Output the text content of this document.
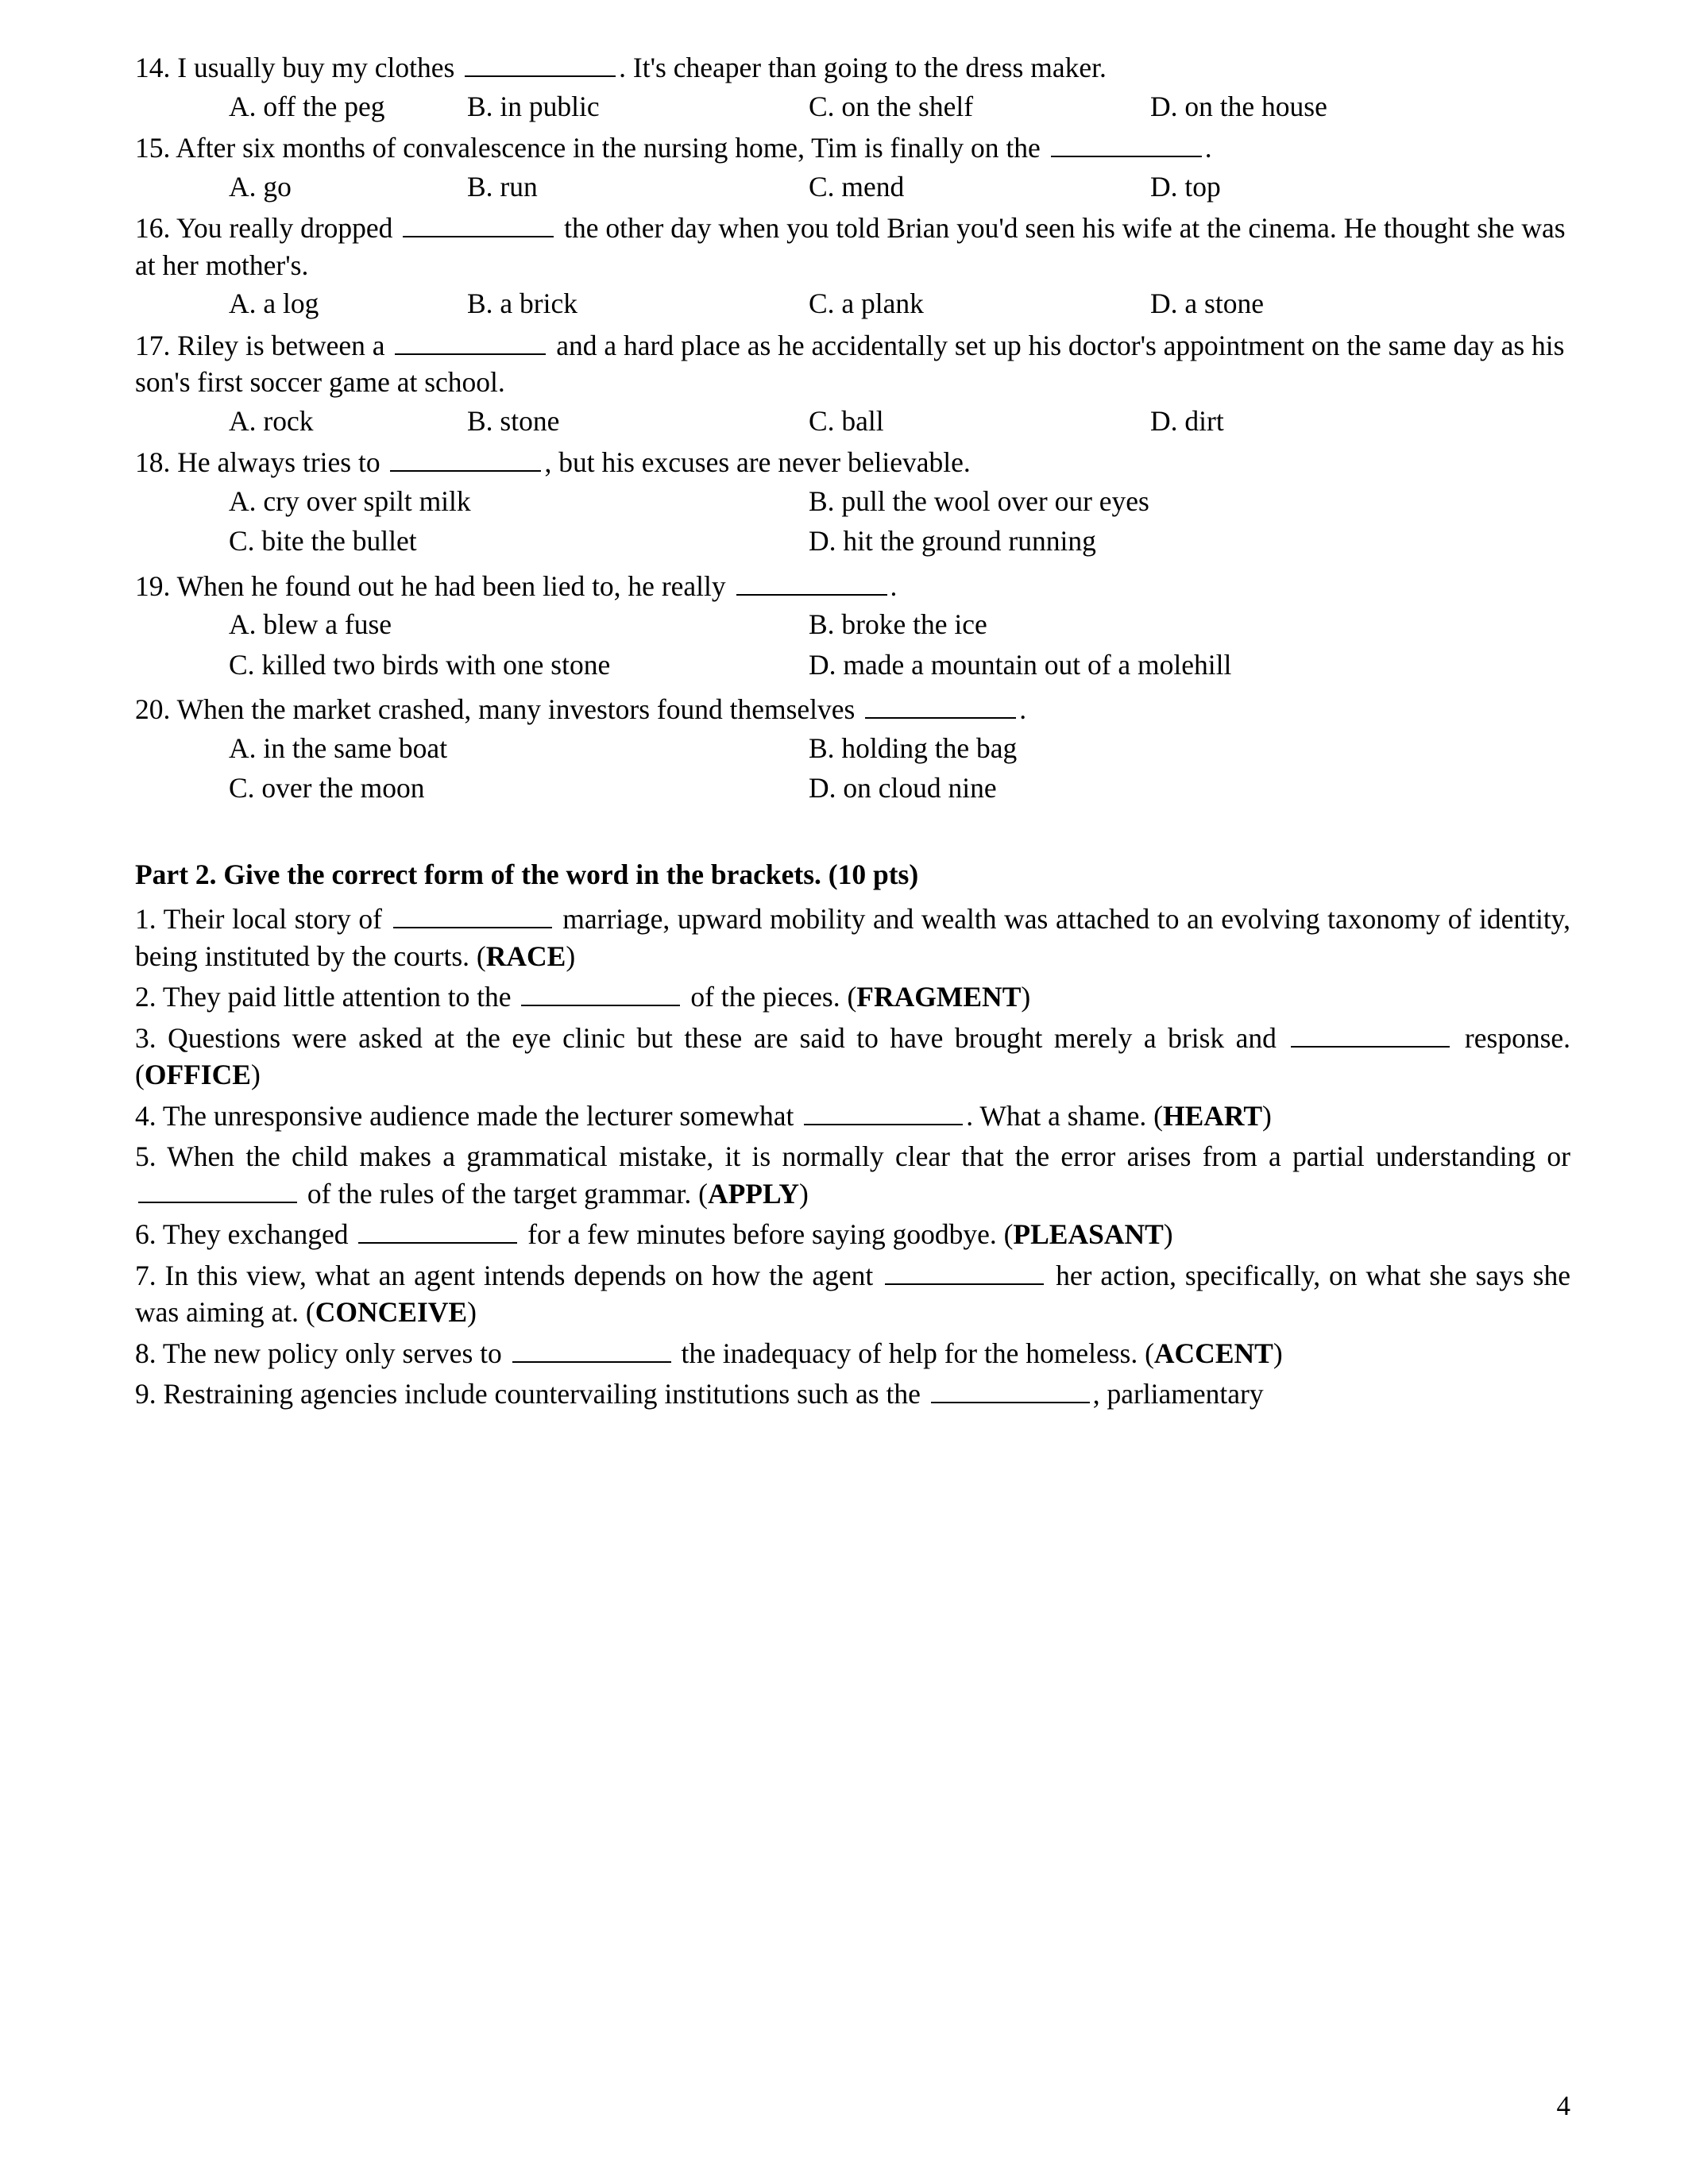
14. I usually buy my clothes	. It's cheaper than going to the dress maker.

A. off the peg	B. in public	C. on the shelf	D. on the house

15. After six months of convalescence in the nursing home, Tim is finally on the	.

A. go	B. run	C. mend	D. top

16. You really dropped	the other day when you told Brian you'd seen his wife at the cinema. He thought she was at her mother's.

A. a log	B. a brick	C. a plank	D. a stone

17. Riley is between a	and a hard place as he accidentally set up his doctor's appointment on the same day as his son's first soccer game at school.

A. rock	B. stone	C. ball	D. dirt

18. He always tries to	, but his excuses are never believable.

A. cry over spilt milk	B. pull the wool over our eyes
C. bite the bullet	D. hit the ground running

19. When he found out he had been lied to, he really	.

A. blew a fuse	B. broke the ice
C. killed two birds with one stone	D. made a mountain out of a molehill

20. When the market crashed, many investors found themselves	.

A. in the same boat	B. holding the bag
C. over the moon	D. on cloud nine

Part 2. Give the correct form of the word in the brackets. (10 pts)

1. Their local story of	marriage, upward mobility and wealth was attached to an evolving taxonomy of identity, being instituted by the courts. (RACE)

2. They paid little attention to the	of the pieces. (FRAGMENT)

3. Questions were asked at the eye clinic but these are said to have brought merely a brisk and	response. (OFFICE)

4. The unresponsive audience made the lecturer somewhat	. What a shame. (HEART)

5. When the child makes a grammatical mistake, it is normally clear that the error arises from a partial understanding or  of the rules of the target grammar. (APPLY)

6. They exchanged	for a few minutes before saying goodbye. (PLEASANT)

7. In this view, what an agent intends depends on how the agent	her action, specifically, on what she says she was aiming at. (CONCEIVE)

8. The new policy only serves to	the inadequacy of help for the homeless. (ACCENT)

9. Restraining agencies include countervailing institutions such as the	, parliamentary

4
